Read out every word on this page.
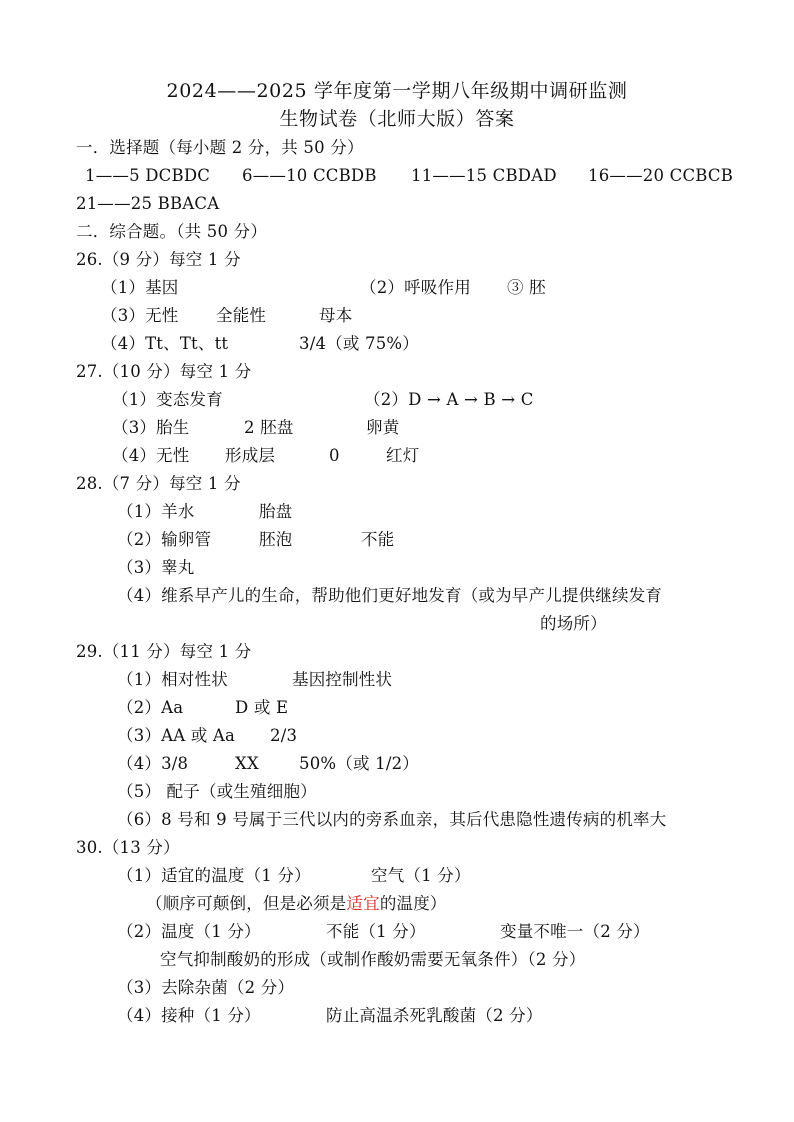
2024——2025 学年度第一学期八年级期中调研监测
生物试卷（北师大版）答案
一．选择题（每小题 2 分，共 50 分）
1——5 DCBDC 6——10 CCBDB 11——15 CBDAD 16——20 CCBCB
21——25 BBACA
二．综合题。（共 50 分）
26.（9 分）每空 1 分
（1）基因	（2）呼吸作用 ③ 胚
（3）无性 全能性	母本
（4）Tt、Tt、tt	3/4（或 75%）
27.（10 分）每空 1 分
（1）变态发育	（2）D → A → B → C
（3）胎生	2 胚盘	卵黄
（4）无性 形成层	0	红灯
28.（7 分）每空 1 分
（1）羊水	胎盘
（2）输卵管	胚泡	不能
（3）睾丸
（4）维系早产儿的生命，帮助他们更好地发育（或为早产儿提供继续发育
的场所）
29.（11 分）每空 1 分
（1）相对性状	基因控制性状
（2）Aa	D 或 E
（3）AA 或 Aa 2/3
（4）3/8	XX 50%（或 1/2）
（5） 配子（或生殖细胞）
（6）8 号和 9 号属于三代以内的旁系血亲，其后代患隐性遗传病的机率大
30.（13 分）
（1）适宜的温度（1 分）	空气（1 分）
（顺序可颠倒，但是必须是适宜的温度）
（2）温度（1 分）	不能（1 分）	变量不唯一（2 分）
空气抑制酸奶的形成（或制作酸奶需要无氧条件）（2 分）
（3）去除杂菌（2 分）
（4）接种（1 分）	防止高温杀死乳酸菌（2 分）
